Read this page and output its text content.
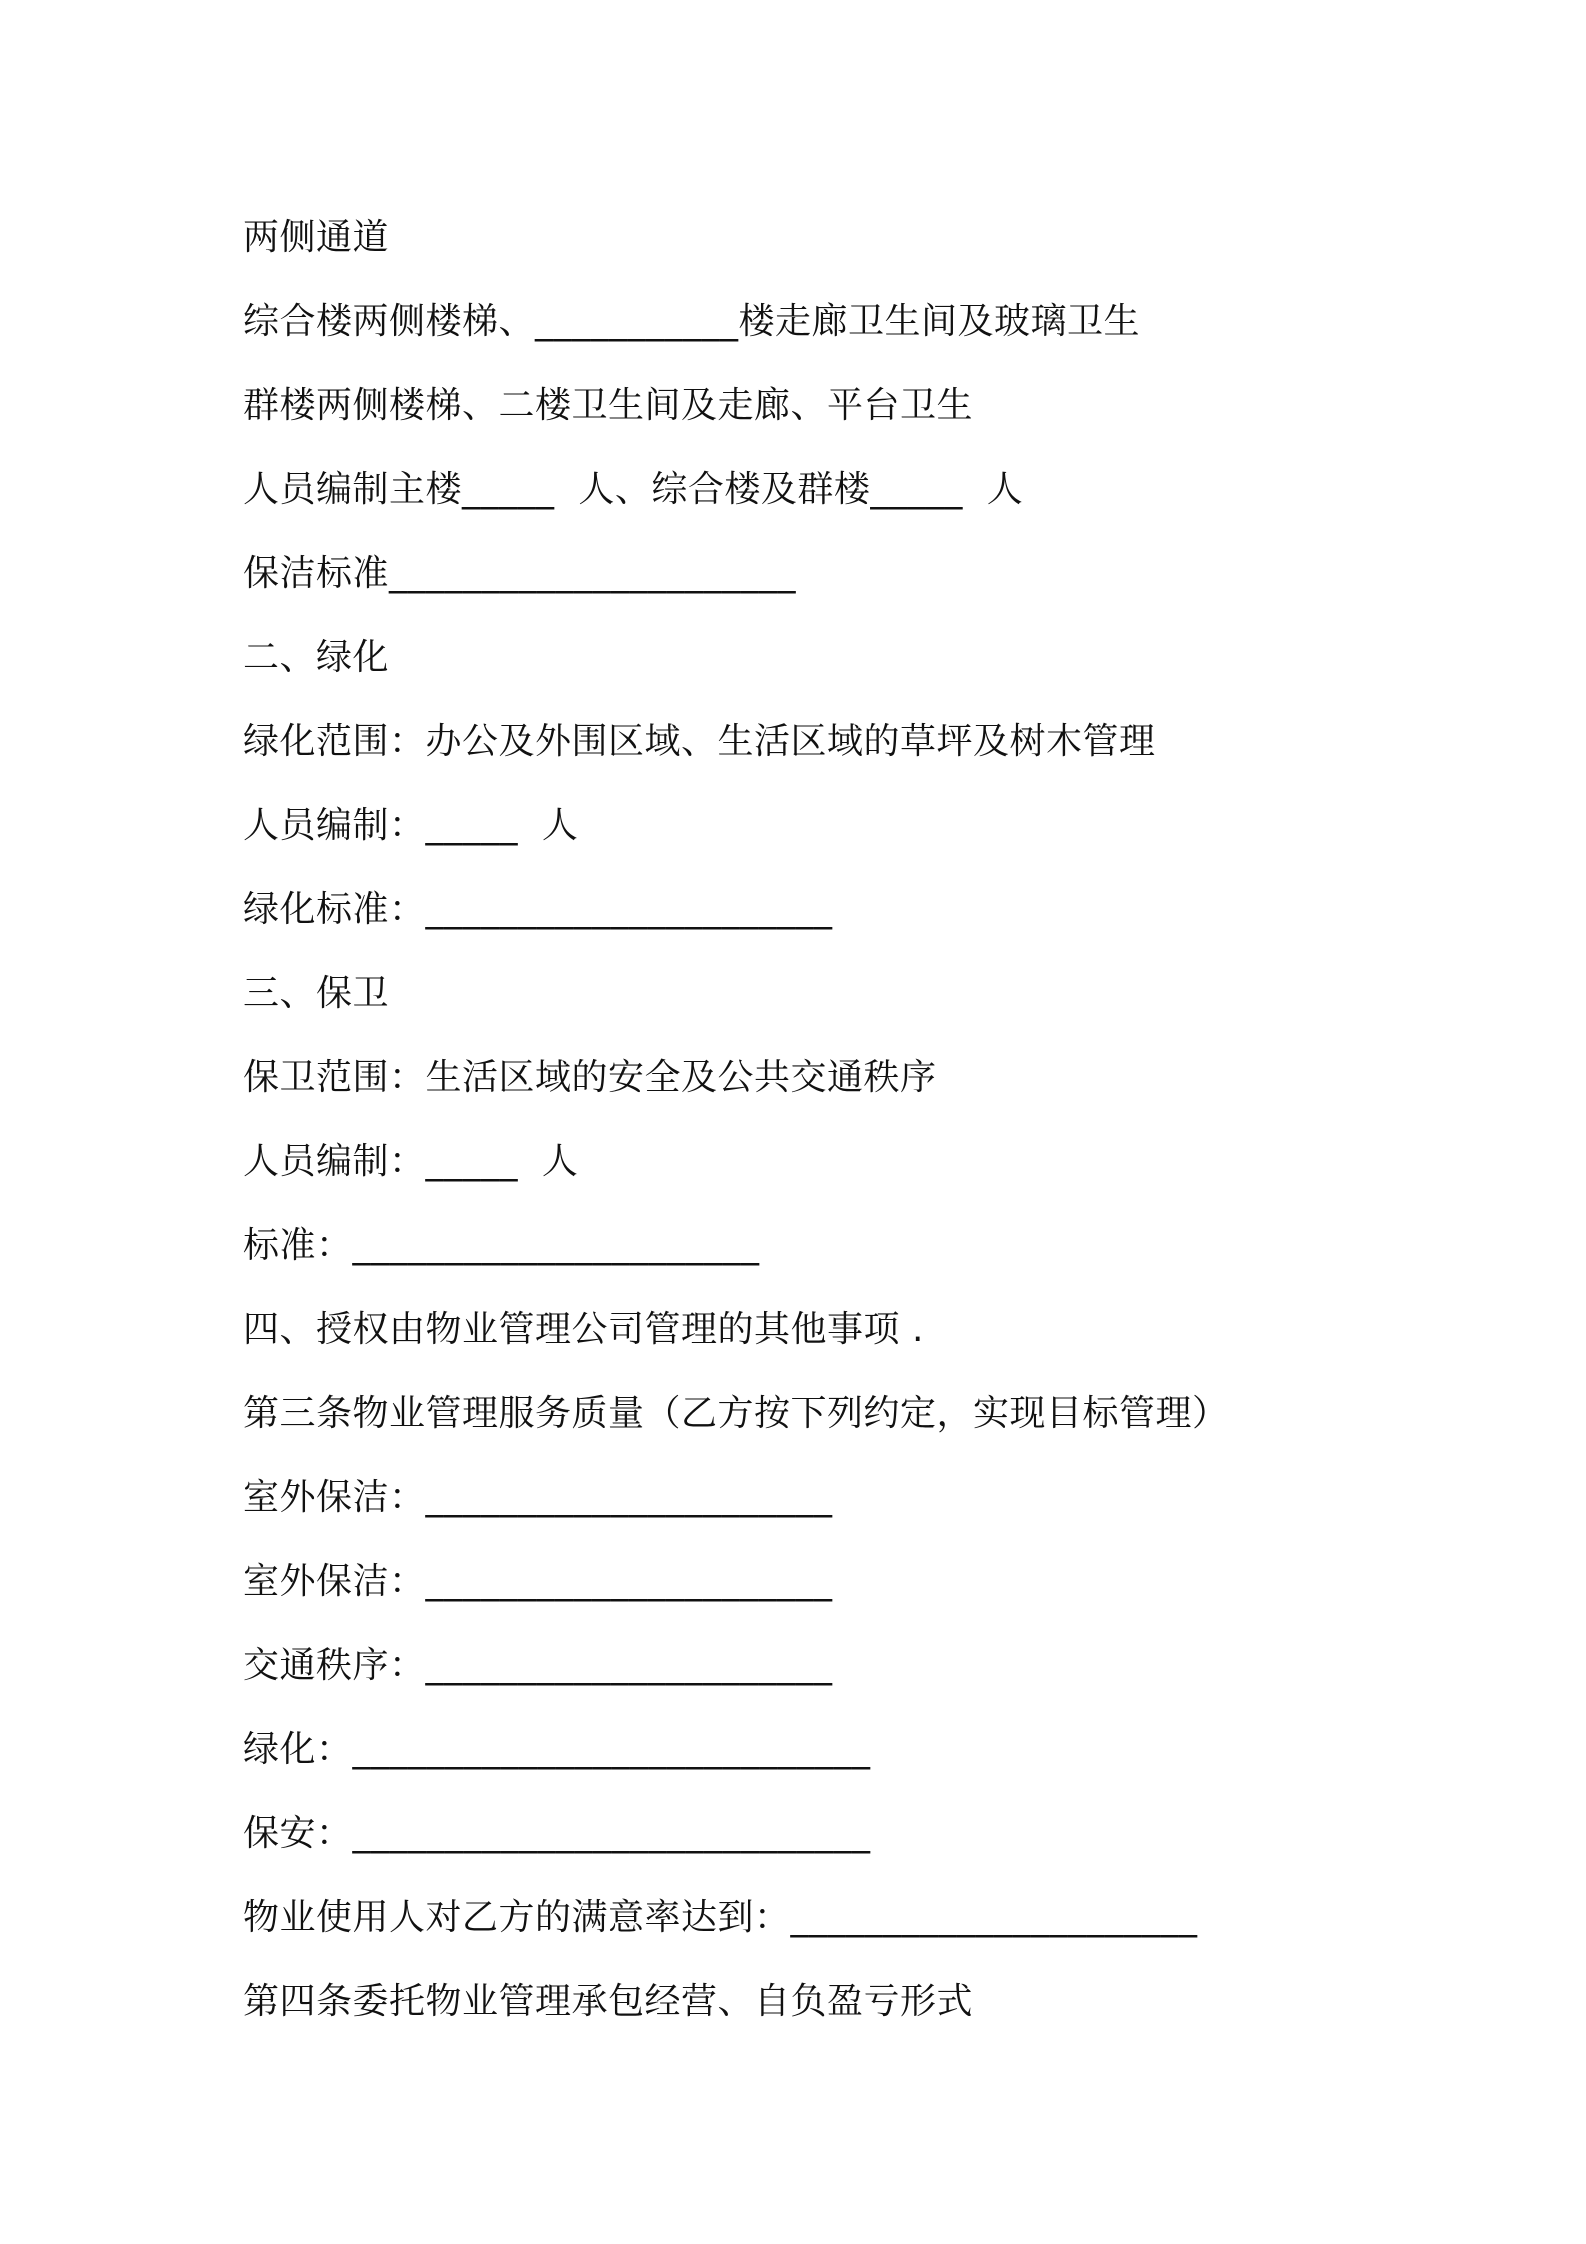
两侧通道
综合楼两侧楼梯、___________楼走廊卫生间及玻璃卫生
群楼两侧楼梯、二楼卫生间及走廊、平台卫生
人员编制主楼_____  人、综合楼及群楼_____  人
保洁标准______________________
二、绿化
绿化范围：办公及外围区域、生活区域的草坪及树木管理
人员编制：_____  人
绿化标准：______________________
三、保卫
保卫范围：生活区域的安全及公共交通秩序
人员编制：_____  人
标准：______________________
四、授权由物业管理公司管理的其他事项 .
第三条物业管理服务质量（乙方按下列约定，实现目标管理）
室外保洁：______________________
室外保洁：______________________
交通秩序：______________________
绿化：____________________________
保安：____________________________
物业使用人对乙方的满意率达到：______________________
第四条委托物业管理承包经营、自负盈亏形式
